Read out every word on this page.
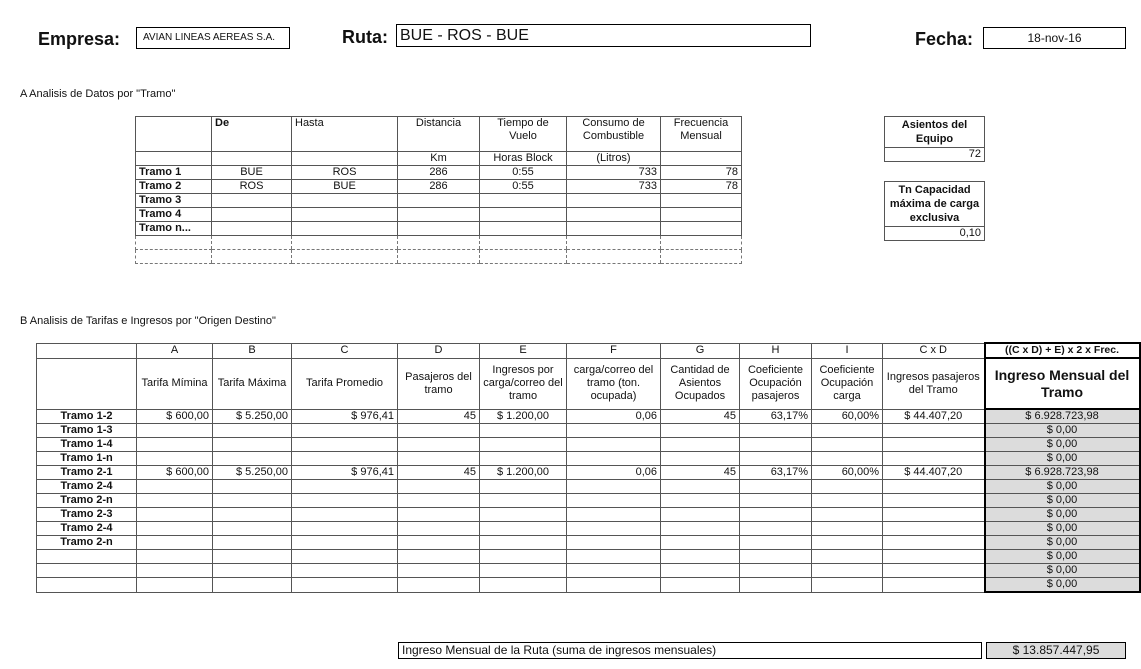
Empresa:	AVIAN LINEAS AEREAS S.A.	Ruta: BUE - ROS - BUE	Fecha:	18-nov-16
A Analisis de Datos por "Tramo"
	De	Hasta	Distancia	Tiempo de Vuelo	Consumo de Combustible	Frecuencia Mensual
			Km	Horas Block	(Litros)	
Tramo 1	BUE	ROS	286	0:55	733	78
Tramo 2	ROS	BUE	286	0:55	733	78
Tramo 3						
Tramo 4						
Tramo n...						

Asientos del Equipo
72
Tn Capacidad máxima de carga exclusiva
0,10
B Analisis de Tarifas e Ingresos por "Origen Destino"
	A	B	C	D	E	F	G	H	I	C x D	((C x D) + E) x 2 x Frec.
	Tarifa Mímina	Tarifa Máxima	Tarifa Promedio	Pasajeros del tramo	Ingresos por carga/correo del tramo	carga/correo del tramo (ton. ocupada)	Cantidad de Asientos Ocupados	Coeficiente Ocupación pasajeros	Coeficiente Ocupación carga	Ingresos pasajeros del Tramo	Ingreso Mensual del Tramo
Tramo 1-2	$ 600,00	$ 5.250,00	$ 976,41	45	$ 1.200,00	0,06	45	63,17%	60,00%	$ 44.407,20	$ 6.928.723,98
Tramo 1-3											$ 0,00
Tramo 1-4											$ 0,00
Tramo 1-n											$ 0,00
Tramo 2-1	$ 600,00	$ 5.250,00	$ 976,41	45	$ 1.200,00	0,06	45	63,17%	60,00%	$ 44.407,20	$ 6.928.723,98
Tramo 2-4											$ 0,00
Tramo 2-n											$ 0,00
Tramo 2-3											$ 0,00
Tramo 2-4											$ 0,00
Tramo 2-n											$ 0,00
											$ 0,00
											$ 0,00
											$ 0,00
Ingreso Mensual de la Ruta (suma de ingresos mensuales)	$ 13.857.447,95
